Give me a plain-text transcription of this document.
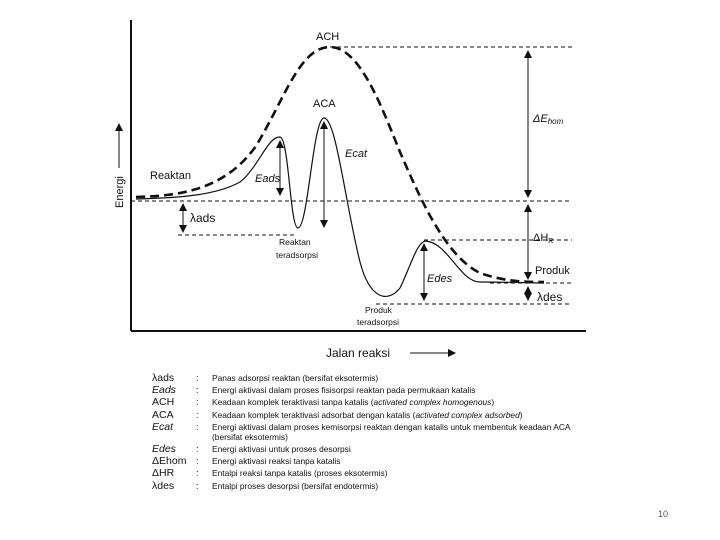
Energi
Jalan reaksi
ACH
ACA
Ecat
Reaktan	Eads
λads
Reaktan
teradsorpsi
Edes
Produk
teradsorpsi
ΔEhom
ΔHR
Produk
λdes
λads	:	Panas adsorpsi reaktan (bersifat eksotermis)
Eads	:	Energi aktivasi dalam proses fisisorpsi reaktan pada permukaan katalis
ACH	:	Keadaan komplek teraktivasi tanpa katalis (activated complex homogenous)
ACA	:	Keadaan komplek teraktivasi adsorbat dengan katalis (activated complex adsorbed)
Ecat	:	Energi aktivasi dalam proses kemisorpsi reaktan dengan katalis untuk membentuk keadaan ACA (bersifat eksotermis)
Edes	:	Energi aktivasi untuk proses desorpsi
ΔEhom	:	Energi aktivasi reaksi tanpa katalis
ΔHR	:	Entalpi reaksi tanpa katalis (proses eksotermis)
λdes	:	Entalpi proses desorpsi (bersifat endotermis)
10
